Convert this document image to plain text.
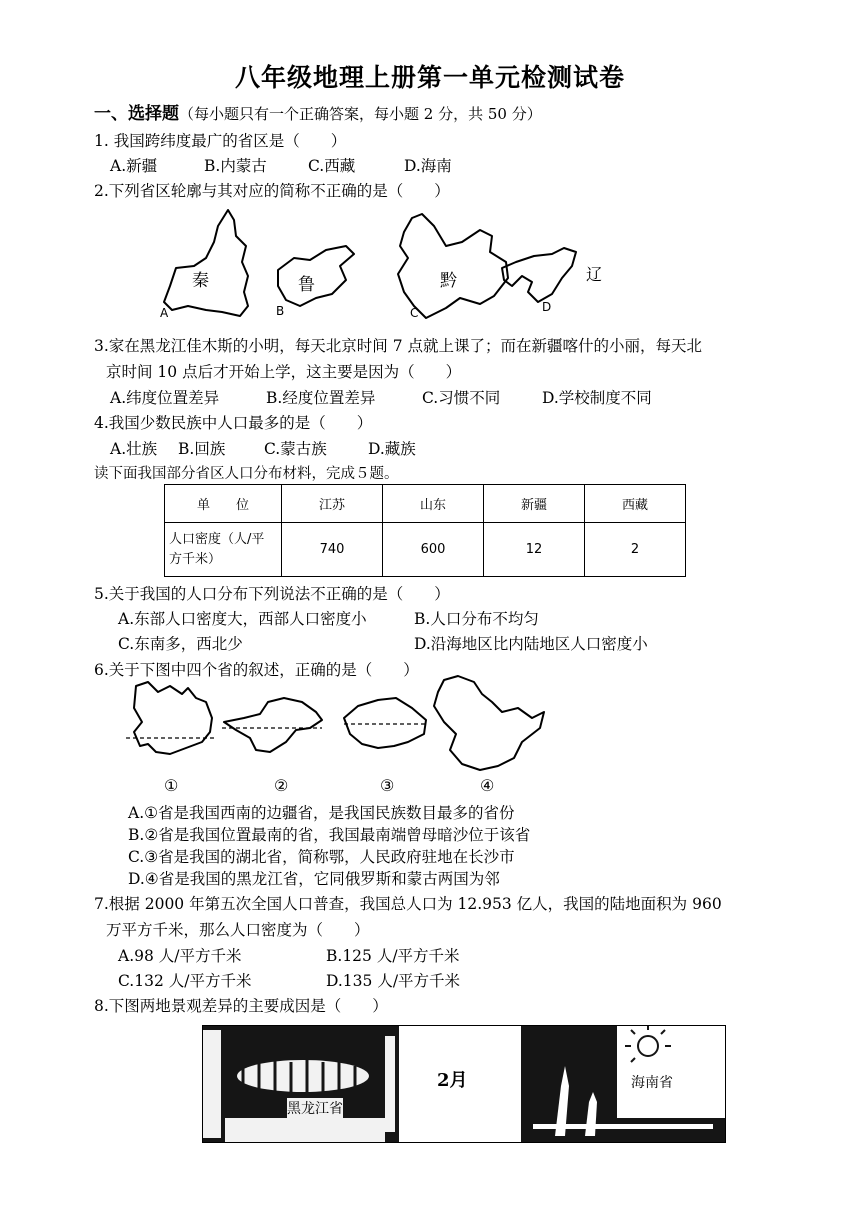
八年级地理上册第一单元检测试卷
一、选择题（每小题只有一个正确答案，每小题 2 分，共 50 分）
1. 我国跨纬度最广的省区是（　　）
A.新疆	B.内蒙古	C.西藏	D.海南
2.下列省区轮廓与其对应的简称不正确的是（　　）
A
秦
B
鲁
C
黔
D
辽
3.家在黑龙江佳木斯的小明，每天北京时间 7 点就上课了；而在新疆喀什的小丽，每天北
京时间 10 点后才开始上学，这主要是因为（　　）
A.纬度位置差异	B.经度位置差异	C.习惯不同	D.学校制度不同
4.我国少数民族中人口最多的是（　　）
A.壮族 B.回族 C.蒙古族	D.藏族
读下面我国部分省区人口分布材料，完成５题。
单　　位	江苏	山东	新疆	西藏
人口密度（人/平方千米）	740	600	12	2
5.关于我国的人口分布下列说法不正确的是（　　）
A.东部人口密度大，西部人口密度小	B.人口分布不均匀
C.东南多，西北少	D.沿海地区比内陆地区人口密度小
6.关于下图中四个省的叙述，正确的是（　　）
①	②	③	④
A.①省是我国西南的边疆省，是我国民族数目最多的省份
B.②省是我国位置最南的省，我国最南端曾母暗沙位于该省
C.③省是我国的湖北省，简称鄂，人民政府驻地在长沙市
D.④省是我国的黑龙江省，它同俄罗斯和蒙古两国为邻
7.根据 2000 年第五次全国人口普查，我国总人口为 12.953 亿人，我国的陆地面积为 960
万平方千米，那么人口密度为（　　）
A.98 人/平方千米	B.125 人/平方千米
C.132 人/平方千米	D.135 人/平方千米
8.下图两地景观差异的主要成因是（　　）
黑龙江省
2月	海南省
